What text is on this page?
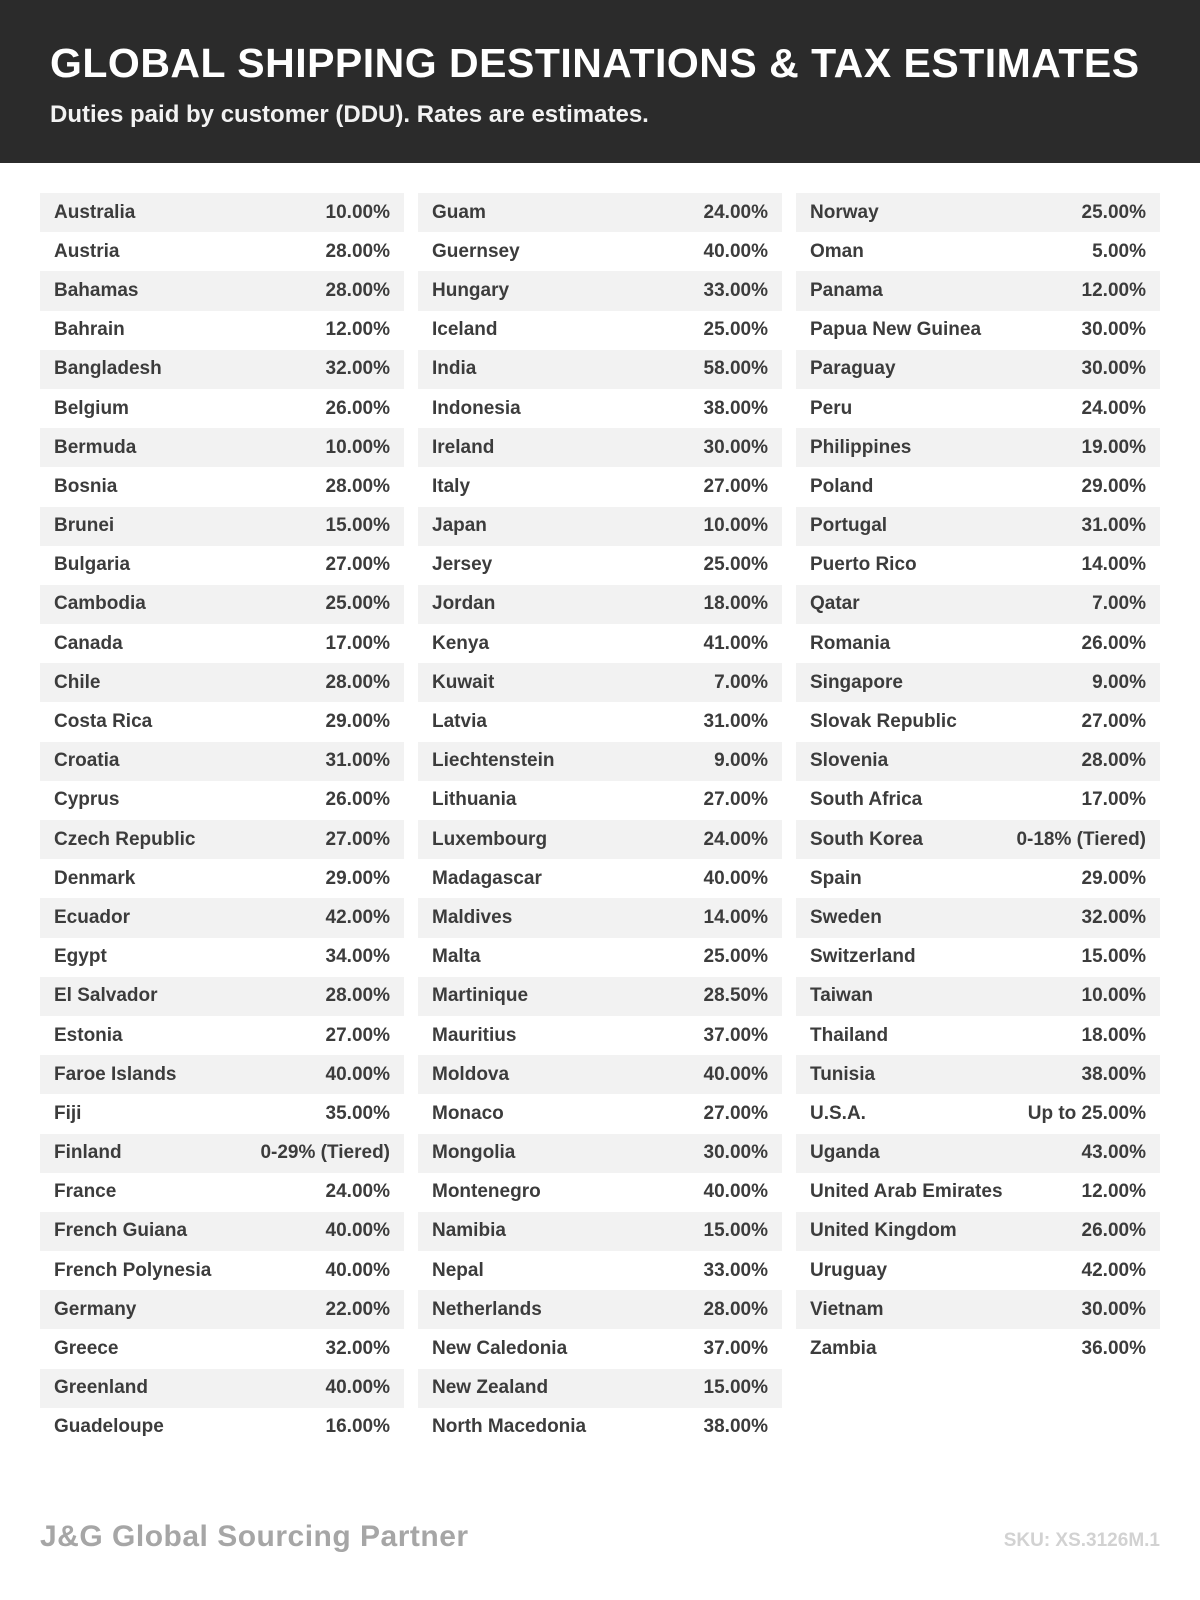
GLOBAL SHIPPING DESTINATIONS & TAX ESTIMATES
Duties paid by customer (DDU). Rates are estimates.
Australia	10.00%
Austria	28.00%
Bahamas	28.00%
Bahrain	12.00%
Bangladesh	32.00%
Belgium	26.00%
Bermuda	10.00%
Bosnia	28.00%
Brunei	15.00%
Bulgaria	27.00%
Cambodia	25.00%
Canada	17.00%
Chile	28.00%
Costa Rica	29.00%
Croatia	31.00%
Cyprus	26.00%
Czech Republic	27.00%
Denmark	29.00%
Ecuador	42.00%
Egypt	34.00%
El Salvador	28.00%
Estonia	27.00%
Faroe Islands	40.00%
Fiji	35.00%
Finland	0-29% (Tiered)
France	24.00%
French Guiana	40.00%
French Polynesia	40.00%
Germany	22.00%
Greece	32.00%
Greenland	40.00%
Guadeloupe	16.00%
Guam	24.00%
Guernsey	40.00%
Hungary	33.00%
Iceland	25.00%
India	58.00%
Indonesia	38.00%
Ireland	30.00%
Italy	27.00%
Japan	10.00%
Jersey	25.00%
Jordan	18.00%
Kenya	41.00%
Kuwait	7.00%
Latvia	31.00%
Liechtenstein	9.00%
Lithuania	27.00%
Luxembourg	24.00%
Madagascar	40.00%
Maldives	14.00%
Malta	25.00%
Martinique	28.50%
Mauritius	37.00%
Moldova	40.00%
Monaco	27.00%
Mongolia	30.00%
Montenegro	40.00%
Namibia	15.00%
Nepal	33.00%
Netherlands	28.00%
New Caledonia	37.00%
New Zealand	15.00%
North Macedonia	38.00%
Norway	25.00%
Oman	5.00%
Panama	12.00%
Papua New Guinea	30.00%
Paraguay	30.00%
Peru	24.00%
Philippines	19.00%
Poland	29.00%
Portugal	31.00%
Puerto Rico	14.00%
Qatar	7.00%
Romania	26.00%
Singapore	9.00%
Slovak Republic	27.00%
Slovenia	28.00%
South Africa	17.00%
South Korea	0-18% (Tiered)
Spain	29.00%
Sweden	32.00%
Switzerland	15.00%
Taiwan	10.00%
Thailand	18.00%
Tunisia	38.00%
U.S.A.	Up to 25.00%
Uganda	43.00%
United Arab Emirates	12.00%
United Kingdom	26.00%
Uruguay	42.00%
Vietnam	30.00%
Zambia	36.00%
J&G Global Sourcing Partner	SKU: XS.3126M.1
